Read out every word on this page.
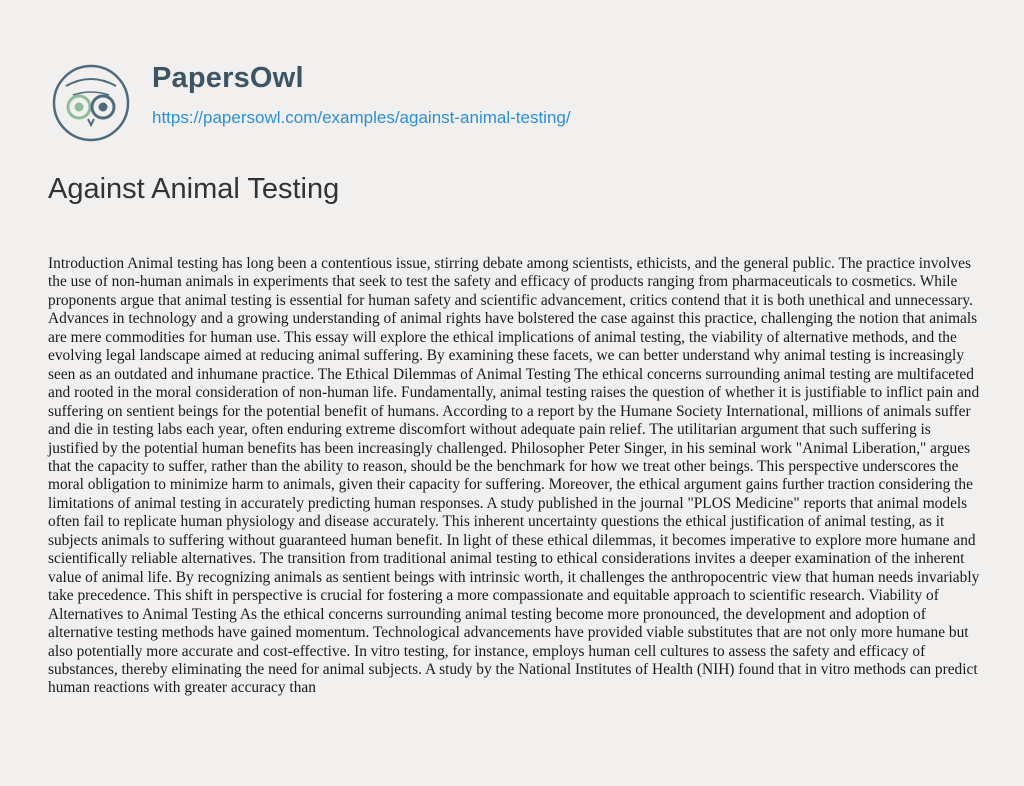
PapersOwl
https://papersowl.com/examples/against-animal-testing/
Against Animal Testing

Introduction Animal testing has long been a contentious issue, stirring debate among scientists, ethicists, and the general public. The practice involves the use of non-human animals in experiments that seek to test the safety and efficacy of products ranging from pharmaceuticals to cosmetics. While proponents argue that animal testing is essential for human safety and scientific advancement, critics contend that it is both unethical and unnecessary. Advances in technology and a growing understanding of animal rights have bolstered the case against this practice, challenging the notion that animals are mere commodities for human use. This essay will explore the ethical implications of animal testing, the viability of alternative methods, and the evolving legal landscape aimed at reducing animal suffering. By examining these facets, we can better understand why animal testing is increasingly seen as an outdated and inhumane practice. The Ethical Dilemmas of Animal Testing The ethical concerns surrounding animal testing are multifaceted and rooted in the moral consideration of non-human life. Fundamentally, animal testing raises the question of whether it is justifiable to inflict pain and suffering on sentient beings for the potential benefit of humans. According to a report by the Humane Society International, millions of animals suffer and die in testing labs each year, often enduring extreme discomfort without adequate pain relief. The utilitarian argument that such suffering is justified by the potential human benefits has been increasingly challenged. Philosopher Peter Singer, in his seminal work "Animal Liberation," argues that the capacity to suffer, rather than the ability to reason, should be the benchmark for how we treat other beings. This perspective underscores the moral obligation to minimize harm to animals, given their capacity for suffering. Moreover, the ethical argument gains further traction considering the limitations of animal testing in accurately predicting human responses. A study published in the journal "PLOS Medicine" reports that animal models often fail to replicate human physiology and disease accurately. This inherent uncertainty questions the ethical justification of animal testing, as it subjects animals to suffering without guaranteed human benefit. In light of these ethical dilemmas, it becomes imperative to explore more humane and scientifically reliable alternatives. The transition from traditional animal testing to ethical considerations invites a deeper examination of the inherent value of animal life. By recognizing animals as sentient beings with intrinsic worth, it challenges the anthropocentric view that human needs invariably take precedence. This shift in perspective is crucial for fostering a more compassionate and equitable approach to scientific research. Viability of Alternatives to Animal Testing As the ethical concerns surrounding animal testing become more pronounced, the development and adoption of alternative testing methods have gained momentum. Technological advancements have provided viable substitutes that are not only more humane but also potentially more accurate and cost-effective. In vitro testing, for instance, employs human cell cultures to assess the safety and efficacy of substances, thereby eliminating the need for animal subjects. A study by the National Institutes of Health (NIH) found that in vitro methods can predict human reactions with greater accuracy than
